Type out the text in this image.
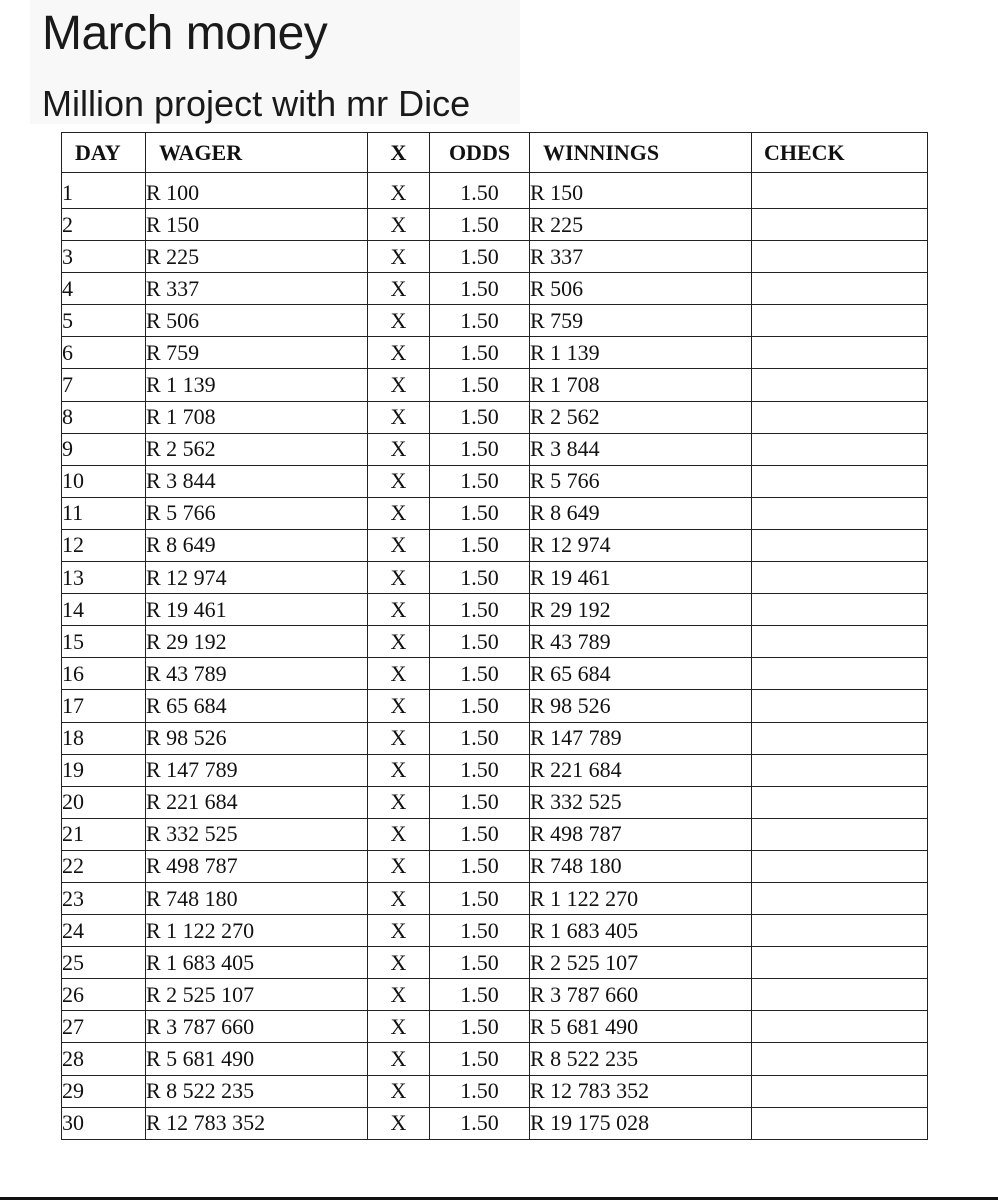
March money
Million project with mr Dice
DAY	WAGER	X	ODDS	WINNINGS	CHECK
1	R 100	X	1.50	R 150	
2	R 150	X	1.50	R 225	
3	R 225	X	1.50	R 337	
4	R 337	X	1.50	R 506	
5	R 506	X	1.50	R 759	
6	R 759	X	1.50	R 1 139	
7	R 1 139	X	1.50	R 1 708	
8	R 1 708	X	1.50	R 2 562	
9	R 2 562	X	1.50	R 3 844	
10	R 3 844	X	1.50	R 5 766	
11	R 5 766	X	1.50	R 8 649	
12	R 8 649	X	1.50	R 12 974	
13	R 12 974	X	1.50	R 19 461	
14	R 19 461	X	1.50	R 29 192	
15	R 29 192	X	1.50	R 43 789	
16	R 43 789	X	1.50	R 65 684	
17	R 65 684	X	1.50	R 98 526	
18	R 98 526	X	1.50	R 147 789	
19	R 147 789	X	1.50	R 221 684	
20	R 221 684	X	1.50	R 332 525	
21	R 332 525	X	1.50	R 498 787	
22	R 498 787	X	1.50	R 748 180	
23	R 748 180	X	1.50	R 1 122 270	
24	R 1 122 270	X	1.50	R 1 683 405	
25	R 1 683 405	X	1.50	R 2 525 107	
26	R 2 525 107	X	1.50	R 3 787 660	
27	R 3 787 660	X	1.50	R 5 681 490	
28	R 5 681 490	X	1.50	R 8 522 235	
29	R 8 522 235	X	1.50	R 12 783 352	
30	R 12 783 352	X	1.50	R 19 175 028	
